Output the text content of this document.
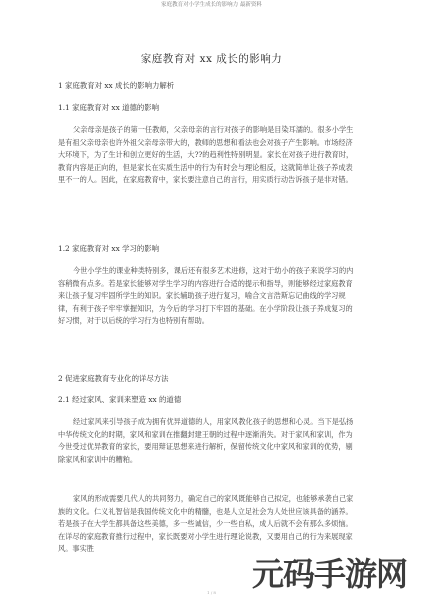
家庭教育对小学生成长的影响力 最新资料
家庭教育对 xx 成长的影响力
1 家庭教育对 xx 成长的影响力解析
1.1 家庭教育对 xx 道德的影响
父亲母亲是孩子的第一任教师，父亲母亲的言行对孩子的影响是目染耳濡的。很多小学生是有祖父亲母亲也许外祖父亲母亲带大的，教师的思想和看法也会对孩子产生影响。市场经济大环境下，为了生计和创立更好的生活，大??的趋利性特别明显。家长在对孩子进行教育时，教育内容是正向的，但是家长在实质生活中的行为有时会与理论相反，这就简单让孩子养成表里不一的人。因此，在家庭教育中，家长要注意自己的言行，用实质行动告诉孩子是非对错。
1.2 家庭教育对 xx 学习的影响
今世小学生的课业种类特别多，课后还有很多艺术进修，这对于幼小的孩子来说学习的内容稍微有点多。若是家长能够对学生学习的内容进行合适的提示和指导，则能够经过家庭教育来让孩子复习牢固所学生的知识。家长辅助孩子进行复习，喻合文言浩斯忘记曲线的学习规律，有利于孩子牢牢掌握知识，为今后的学习打下牢固的基础。在小学阶段让孩子养成复习的好习惯，对于以后统的学习行为也特别有帮助。
2 促进家庭教育专业化的详尽方法
2.1 经过家风、家训来塑造 xx 的道德
经过家风来引导孩子成为拥有优异道德的人，用家风教化孩子的思想和心灵。当下是弘扬中华传统文化的时期，家风和家训在推翻封建王朝的过程中逐渐消失。对于家风和家训，作为今世受过优异教育的家长，要用辩证思想来进行解析，保留传统文化中家风和家训的优势，剔除家风和家训中的糟粕。
家风的形成需要几代人的共同努力，确定自己的家风既能够自己拟定，也能够承袭自己家族的文化。仁义礼智信是我国传统文化中的精髓，也是人立足社会为人处世应该具备的涵养。若是孩子在大学生都具备这些美德，多一些诚信，少一些自私，成人后就不会有那么多烦恼。在详尽的家庭教育推行过程中，家长既要对小学生进行理论说教，又要用自己的行为来展现家风。事实胜
1 / 8	元码手游网
